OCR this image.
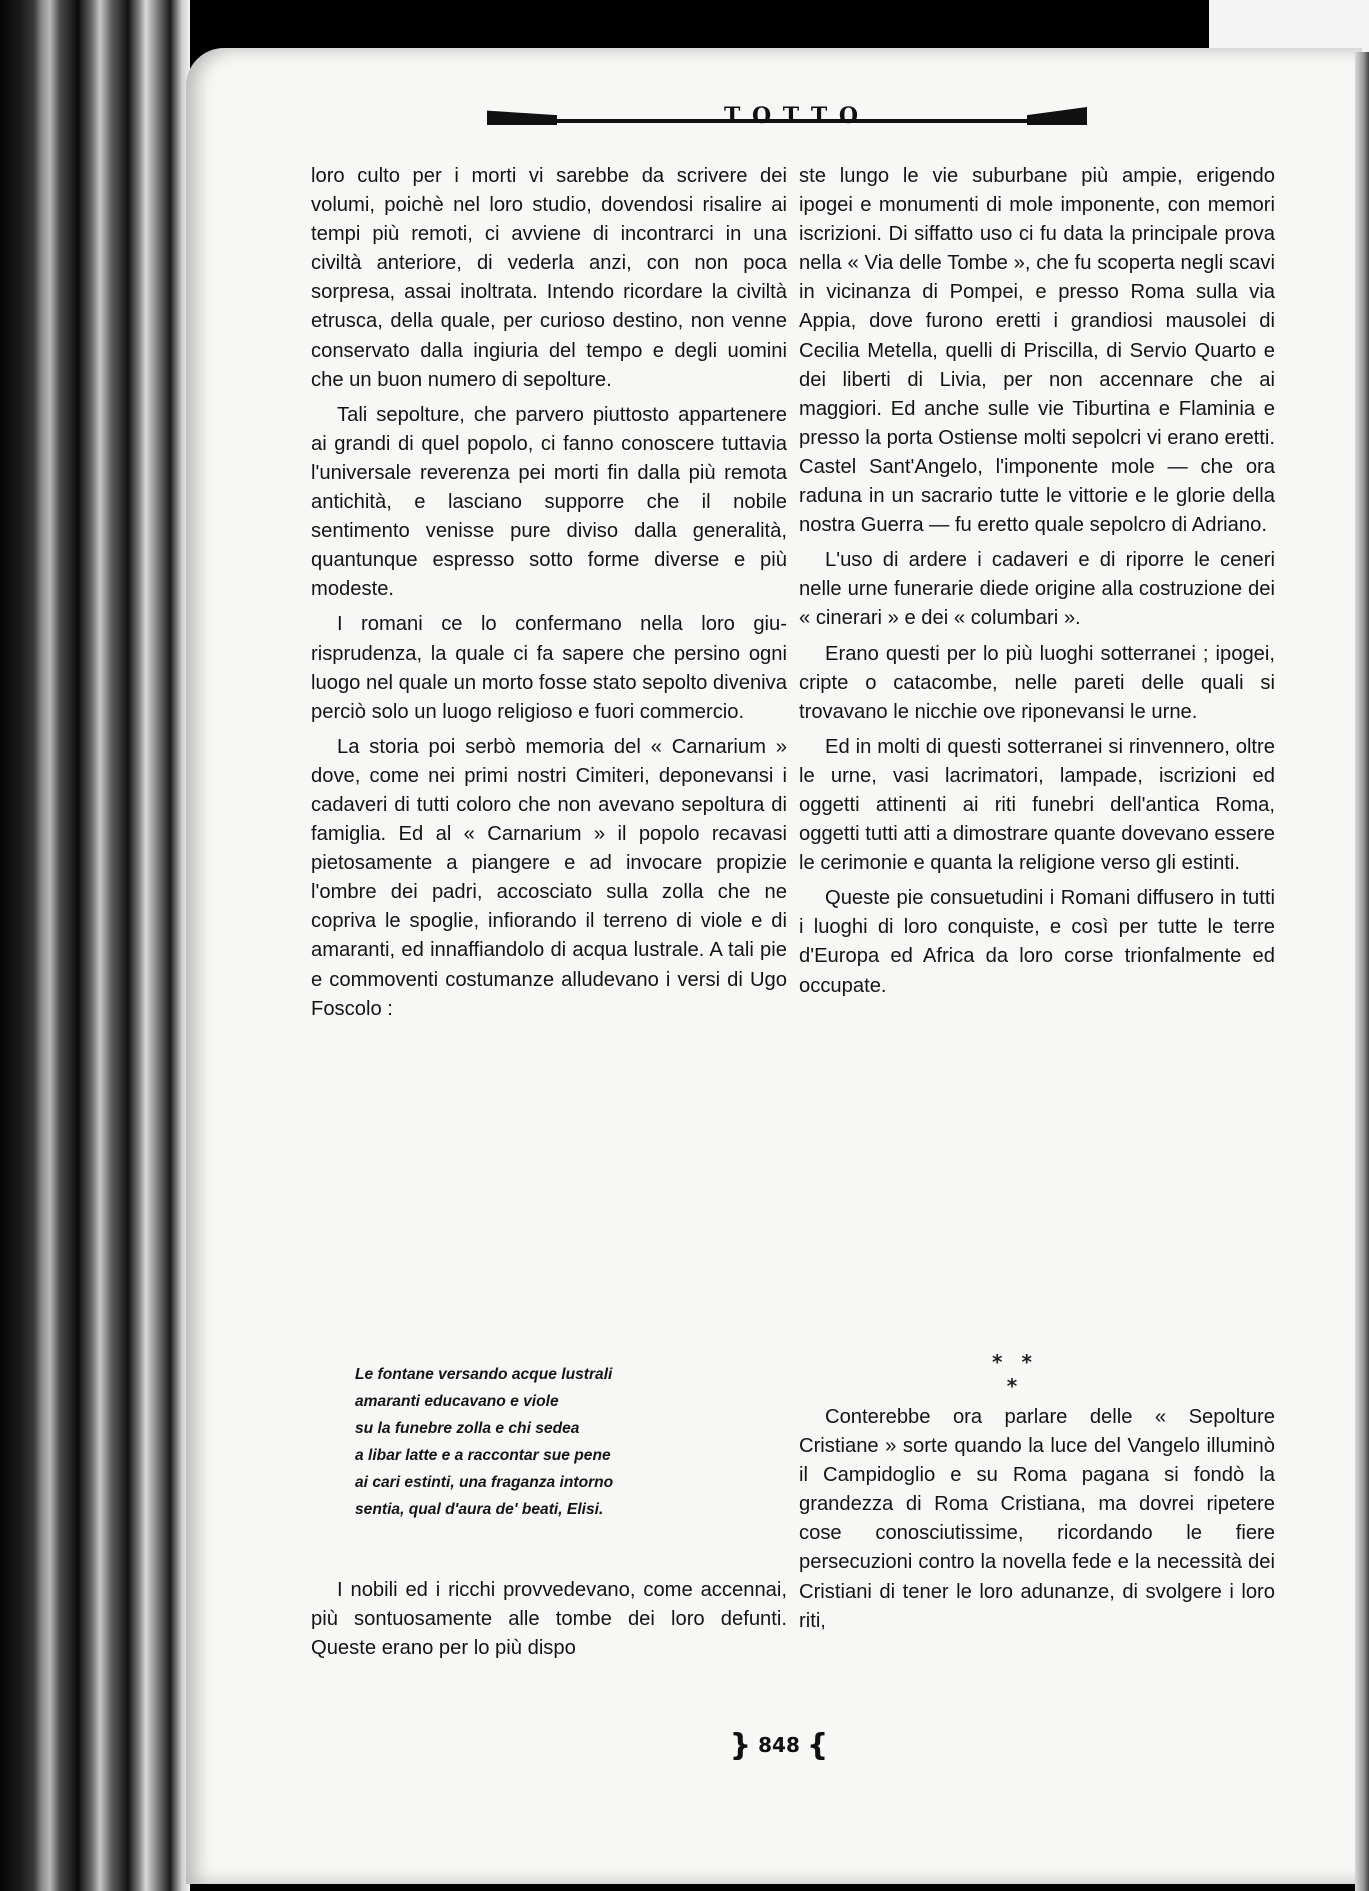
T O T T O

loro culto per i morti vi sarebbe da scrivere dei volumi, poichè nel loro studio, dovendosi risalire ai tempi più remoti, ci avviene di incontrarci in una civiltà anteriore, di vederla anzi, con non poca sorpresa, assai inoltrata. Intendo ricordare la civiltà etrusca, della quale, per curioso destino, non venne conservato dalla ingiuria del tempo e degli uomini che un buon numero di sepolture.

Tali sepolture, che parvero piuttosto appartenere ai grandi di quel popolo, ci fanno conoscere tuttavia l'universale reverenza pei morti fin dalla più remota antichità, e lasciano supporre che il nobile sentimento venisse pure diviso dalla generalità, quantunque espresso sotto forme diverse e più modeste.

I romani ce lo confermano nella loro giurisprudenza, la quale ci fa sapere che persino ogni luogo nel quale un morto fosse stato sepolto diveniva perciò solo un luogo religioso e fuori commercio.

La storia poi serbò memoria del « Carnarium » dove, come nei primi nostri Cimiteri, deponevansi i cadaveri di tutti coloro che non avevano sepoltura di famiglia. Ed al « Carnarium » il popolo recavasi pietosamente a piangere e ad invocare propizie l'ombre dei padri, accosciato sulla zolla che ne copriva le spoglie, infiorando il terreno di viole e di amaranti, ed innaffiandolo di acqua lustrale. A tali pie e commoventi costumanze alludevano i versi di Ugo Foscolo :

Le fontane versando acque lustrali
amaranti educavano e viole
su la funebre zolla e chi sedea
a libar latte e a raccontar sue pene
ai cari estinti, una fraganza intorno
sentia, qual d'aura de' beati, Elisi.
I nobili ed i ricchi provvedevano, come accennai, più sontuosamente alle tombe dei loro defunti. Queste erano per lo più dispo

ste lungo le vie suburbane più ampie, erigendo ipogei e monumenti di mole imponente, con memori iscrizioni. Di siffatto uso ci fu data la principale prova nella « Via delle Tombe », che fu scoperta negli scavi in vicinanza di Pompei, e presso Roma sulla via Appia, dove furono eretti i grandiosi mausolei di Cecilia Metella, quelli di Priscilla, di Servio Quarto e dei liberti di Livia, per non accennare che ai maggiori. Ed anche sulle vie Tiburtina e Flaminia e presso la porta Ostiense molti sepolcri vi erano eretti. Castel Sant'Angelo, l'imponente mole — che ora raduna in un sacrario tutte le vittorie e le glorie della nostra Guerra — fu eretto quale sepolcro di Adriano.

L'uso di ardere i cadaveri e di riporre le ceneri nelle urne funerarie diede origine alla costruzione dei « cinerari » e dei « columbari ».

Erano questi per lo più luoghi sotterranei ; ipogei, cripte o catacombe, nelle pareti delle quali si trovavano le nicchie ove riponevansi le urne.

Ed in molti di questi sotterranei si rinvennero, oltre le urne, vasi lacrimatori, lampade, iscrizioni ed oggetti attinenti ai riti funebri dell'antica Roma, oggetti tutti atti a dimostrare quante dovevano essere le cerimonie e quanta la religione verso gli estinti.

Queste pie consuetudini i Romani diffusero in tutti i luoghi di loro conquiste, e così per tutte le terre d'Europa ed Africa da loro corse trionfalmente ed occupate.

* * *
Conterebbe ora parlare delle « Sepolture Cristiane » sorte quando la luce del Vangelo illuminò il Campidoglio e su Roma pagana si fondò la grandezza di Roma Cristiana, ma dovrei ripetere cose conosciutissime, ricordando le fiere persecuzioni contro la novella fede e la necessità dei Cristiani di tener le loro adunanze, di svolgere i loro riti,
} 848 {
